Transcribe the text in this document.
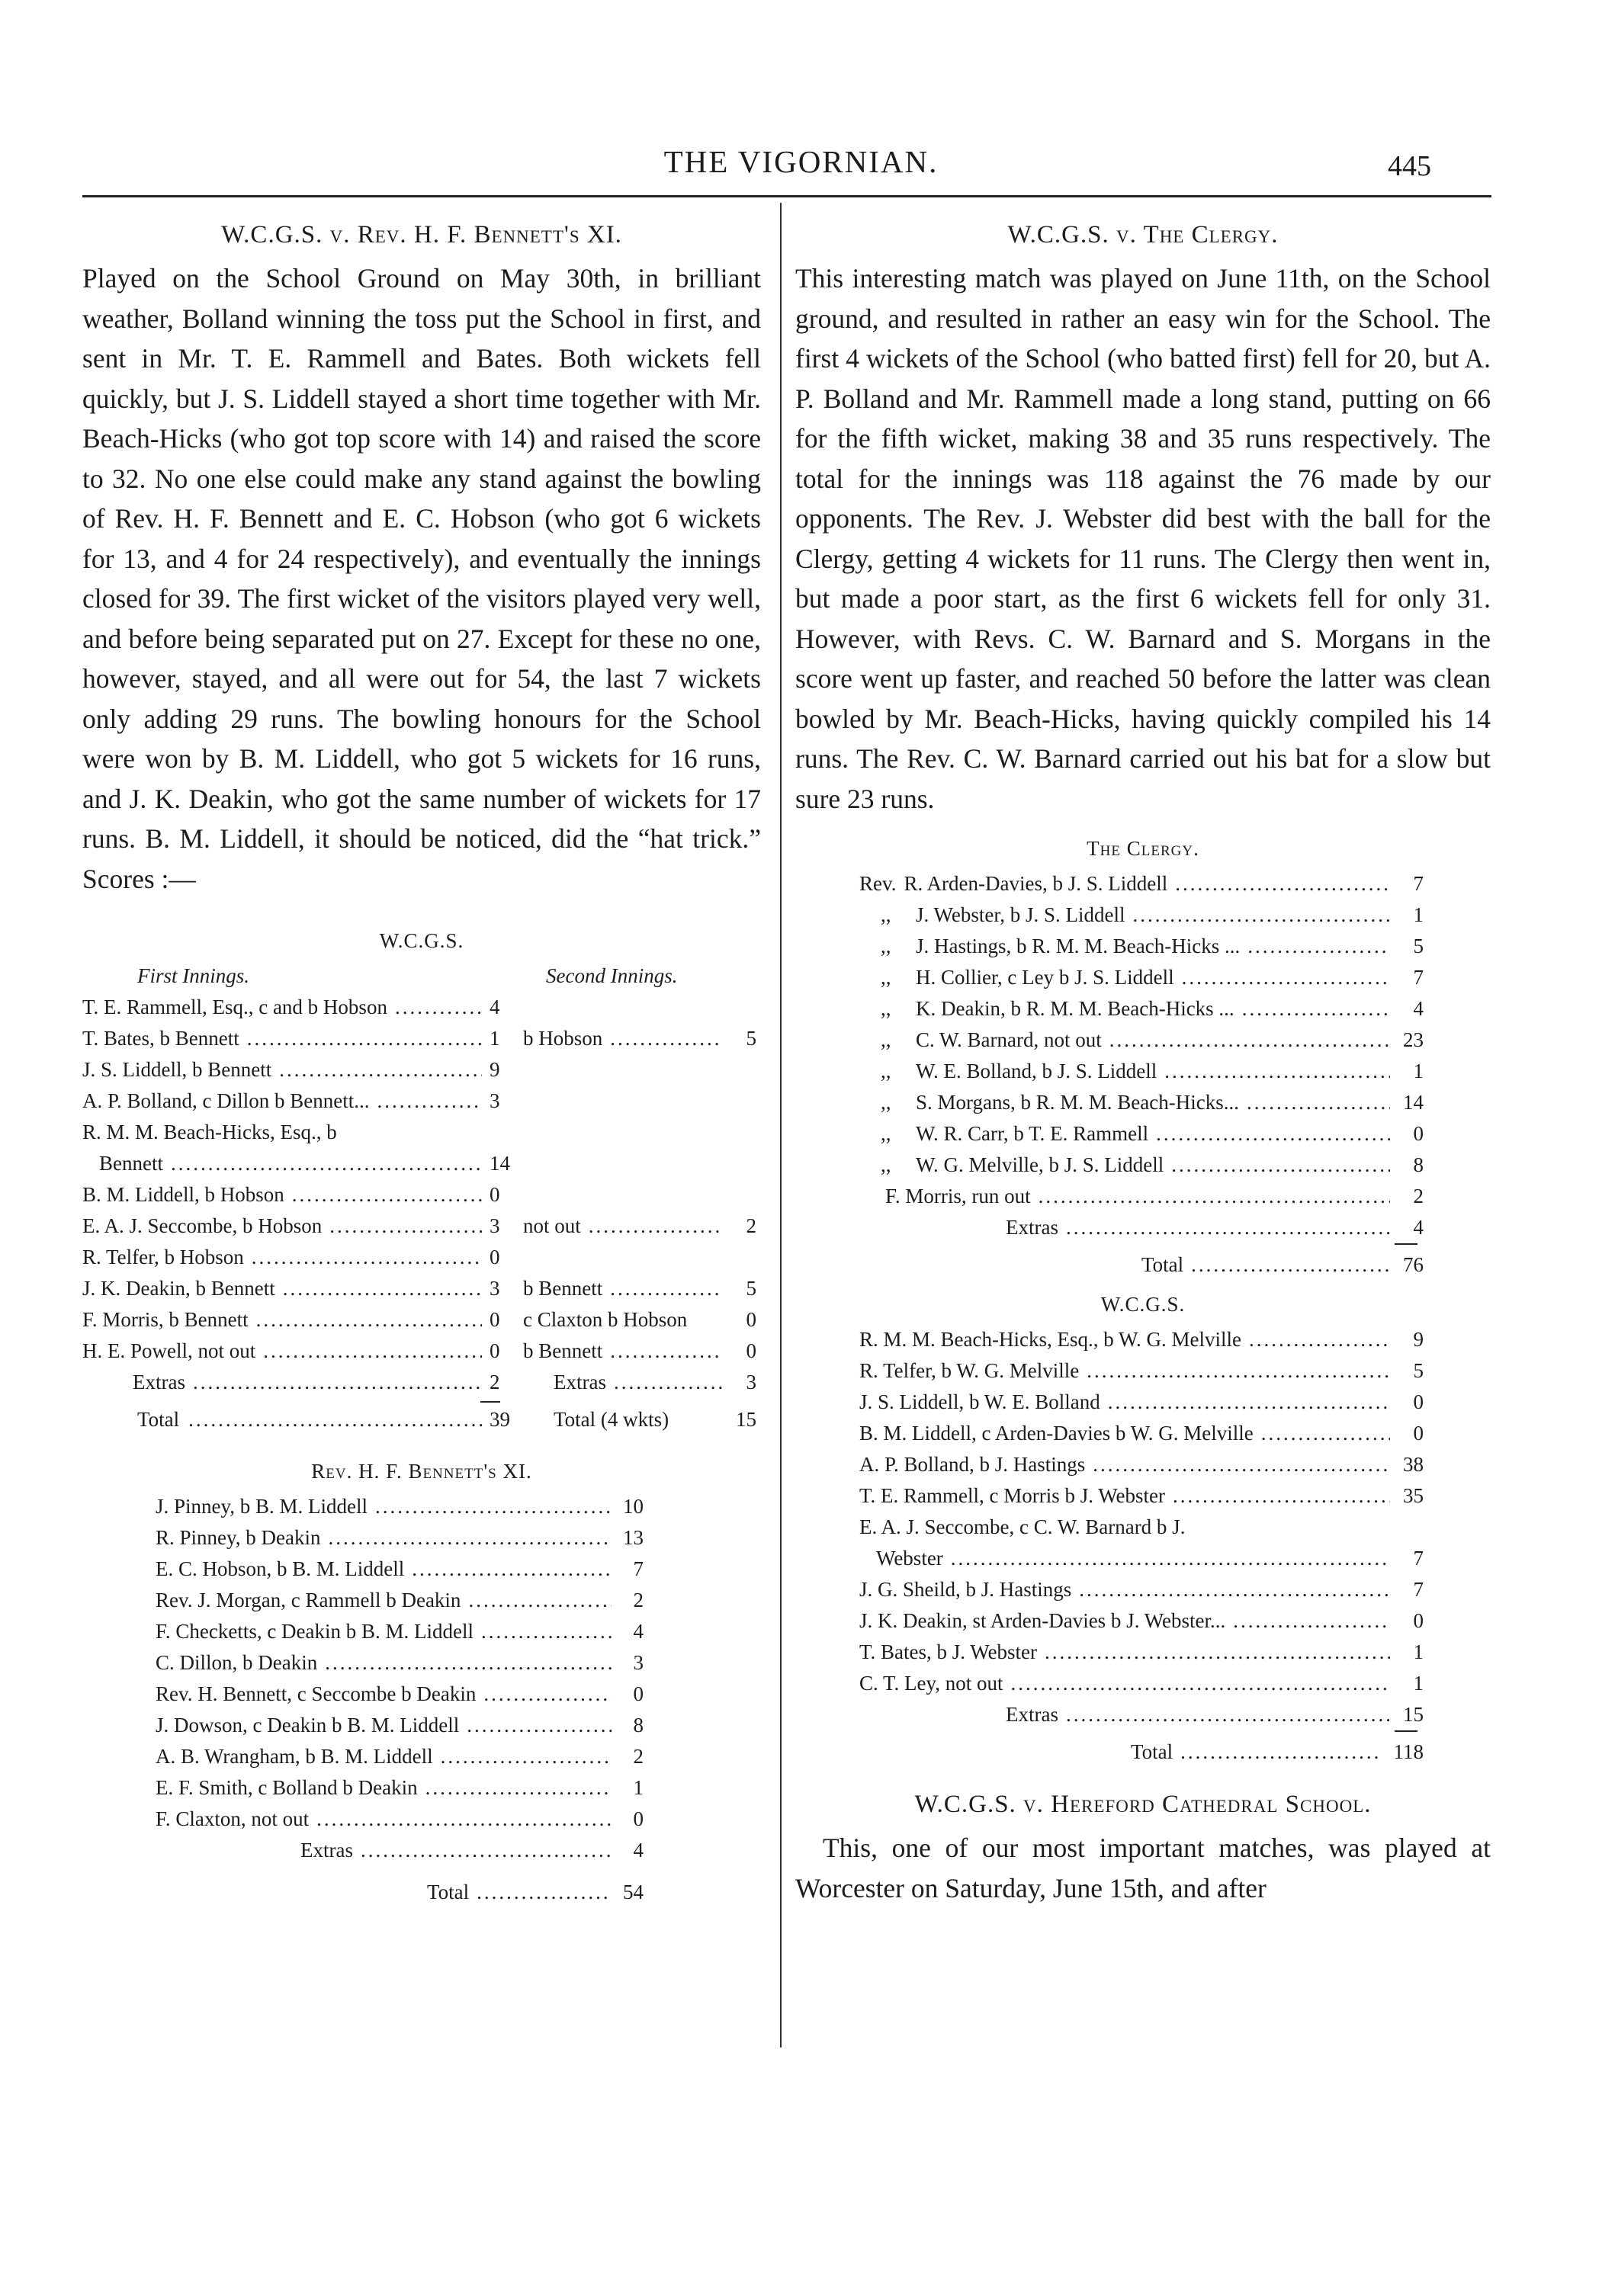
THE VIGORNIAN.	445
W.C.G.S. v. Rev. H. F. Bennett's XI.

Played on the School Ground on May 30th, in brilliant weather, Bolland winning the toss put the School in first, and sent in Mr. T. E. Rammell and Bates. Both wickets fell quickly, but J. S. Liddell stayed a short time together with Mr. Beach-Hicks (who got top score with 14) and raised the score to 32. No one else could make any stand against the bowling of Rev. H. F. Bennett and E. C. Hobson (who got 6 wickets for 13, and 4 for 24 respectively), and eventually the innings closed for 39. The first wicket of the visitors played very well, and before being separated put on 27. Except for these no one, however, stayed, and all were out for 54, the last 7 wickets only adding 29 runs. The bowling honours for the School were won by B. M. Liddell, who got 5 wickets for 16 runs, and J. K. Deakin, who got the same number of wickets for 17 runs. B. M. Liddell, it should be noticed, did the “hat trick.” Scores :—

W.C.G.S.
First Innings.	Second Innings.
T. E. Rammell, Esq., c and b Hobson .....	4
T. Bates, b Bennett .....	1	b Hobson .....	5
J. S. Liddell, b Bennett .....	9
A. P. Bolland, c Dillon b Bennett... .....	3
R. M. M. Beach-Hicks, Esq., b
Bennett .....	14
B. M. Liddell, b Hobson .....	0
E. A. J. Seccombe, b Hobson .....	3	not out .....	2
R. Telfer, b Hobson .....	0
J. K. Deakin, b Bennett .....	3	b Bennett .....	5
F. Morris, b Bennett .....	0	c Claxton b Hobson	0
H. E. Powell, not out .....	0	b Bennett .....	0
Extras .....	2	Extras .....	3
Total .....	39	Total (4 wkts)	15
Rev. H. F. Bennett's XI.
J. Pinney, b B. M. Liddell .....	10
R. Pinney, b Deakin .....	13
E. C. Hobson, b B. M. Liddell .....	7
Rev. J. Morgan, c Rammell b Deakin .....	2
F. Checketts, c Deakin b B. M. Liddell .....	4
C. Dillon, b Deakin .....	3
Rev. H. Bennett, c Seccombe b Deakin .....	0
J. Dowson, c Deakin b B. M. Liddell .....	8
A. B. Wrangham, b B. M. Liddell .....	2
E. F. Smith, c Bolland b Deakin .....	1
F. Claxton, not out .....	0
Extras .....	4
Total .....	54
W.C.G.S. v. The Clergy.

This interesting match was played on June 11th, on the School ground, and resulted in rather an easy win for the School. The first 4 wickets of the School (who batted first) fell for 20, but A. P. Bolland and Mr. Rammell made a long stand, putting on 66 for the fifth wicket, making 38 and 35 runs respectively. The total for the innings was 118 against the 76 made by our opponents. The Rev. J. Webster did best with the ball for the Clergy, getting 4 wickets for 11 runs. The Clergy then went in, but made a poor start, as the first 6 wickets fell for only 31. However, with Revs. C. W. Barnard and S. Morgans in the score went up faster, and reached 50 before the latter was clean bowled by Mr. Beach-Hicks, having quickly compiled his 14 runs. The Rev. C. W. Barnard carried out his bat for a slow but sure 23 runs.

The Clergy.
Rev. R. Arden-Davies, b J. S. Liddell .....	7
,,	J. Webster, b J. S. Liddell .....	1
,,	J. Hastings, b R. M. M. Beach-Hicks ... .....	5
,,	H. Collier, c Ley b J. S. Liddell .....	7
,,	K. Deakin, b R. M. M. Beach-Hicks ... .....	4
,,	C. W. Barnard, not out .....	23
,,	W. E. Bolland, b J. S. Liddell .....	1
,,	S. Morgans, b R. M. M. Beach-Hicks... .....	14
,,	W. R. Carr, b T. E. Rammell .....	0
,,	W. G. Melville, b J. S. Liddell .....	8
F. Morris, run out .....	2
Extras .....	4
Total .....	76
W.C.G.S.
R. M. M. Beach-Hicks, Esq., b W. G. Melville .....	9
R. Telfer, b W. G. Melville .....	5
J. S. Liddell, b W. E. Bolland .....	0
B. M. Liddell, c Arden-Davies b W. G. Melville .....	0
A. P. Bolland, b J. Hastings .....	38
T. E. Rammell, c Morris b J. Webster .....	35
E. A. J. Seccombe, c C. W. Barnard b J.
Webster .....	7
J. G. Sheild, b J. Hastings .....	7
J. K. Deakin, st Arden-Davies b J. Webster... .....	0
T. Bates, b J. Webster .....	1
C. T. Ley, not out .....	1
Extras .....	15
Total .....	118
W.C.G.S. v. Hereford Cathedral School.

This, one of our most important matches, was played at Worcester on Saturday, June 15th, and after
